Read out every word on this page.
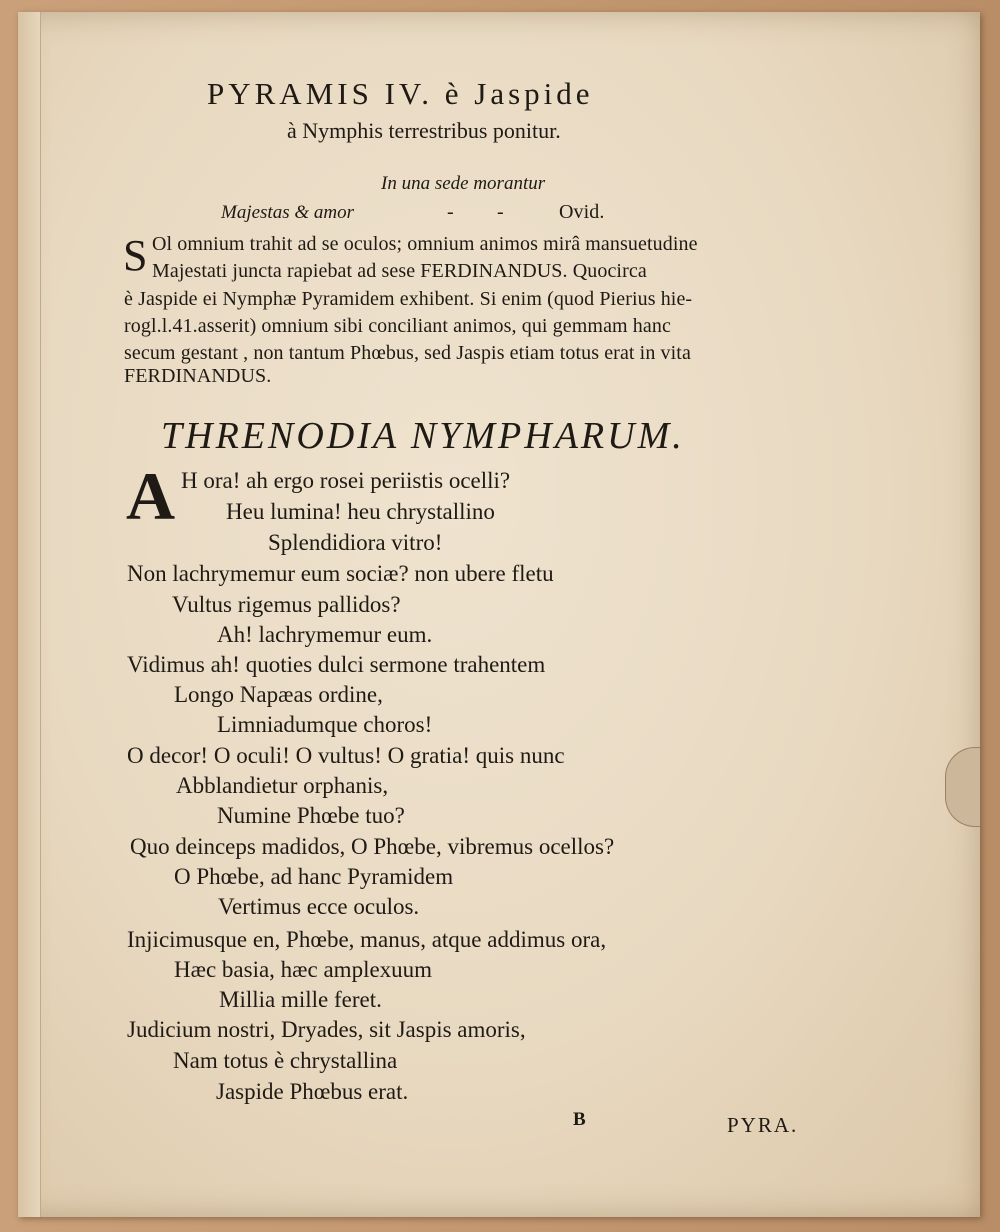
PYRAMIS IV. è Jaspide
à Nymphis terrestribus ponitur.
In una sede morantur
Majestas & amor	- -	Ovid.
S Ol omnium trahit ad se oculos; omnium animos mirâ mansuetudine
Majestati juncta rapiebat ad sese FERDINANDUS. Quocirca
è Jaspide ei Nymphæ Pyramidem exhibent. Si enim (quod Pierius hie-
rogl.l.41.asserit) omnium sibi conciliant animos, qui gemmam hanc
secum gestant , non tantum Phœbus, sed Jaspis etiam totus erat in vita
FERDINANDUS.
THRENODIA NYMPHARUM.
A H ora! ah ergo rosei periistis ocelli?
Heu lumina! heu chrystallino
Splendidiora vitro!
Non lachrymemur eum sociæ? non ubere fletu
Vultus rigemus pallidos?
Ah! lachrymemur eum.
Vidimus ah! quoties dulci sermone trahentem
Longo Napæas ordine,
Limniadumque choros!
O decor! O oculi! O vultus! O gratia! quis nunc
Abblandietur orphanis,
Numine Phœbe tuo?
Quo deinceps madidos, O Phœbe, vibremus ocellos?
O Phœbe, ad hanc Pyramidem
Vertimus ecce oculos.
Injicimusque en, Phœbe, manus, atque addimus ora,
Hæc basia, hæc amplexuum
Millia mille feret.
Judicium nostri, Dryades, sit Jaspis amoris,
Nam totus è chrystallina
Jaspide Phœbus erat.
B	PYRA.
